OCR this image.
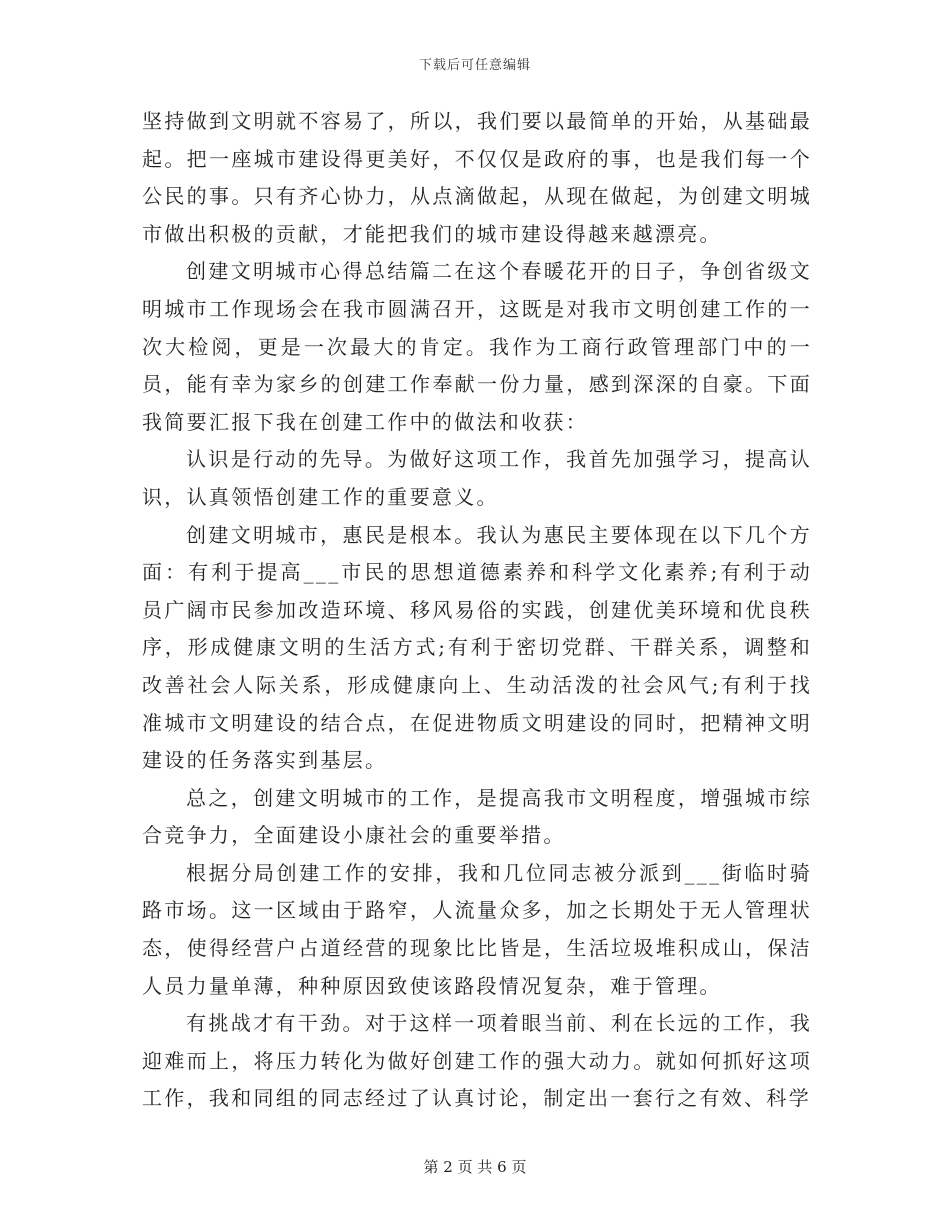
下载后可任意编辑

坚持做到文明就不容易了，所以，我们要以最简单的开始，从基础最起。把一座城市建设得更美好，不仅仅是政府的事，也是我们每一个公民的事。只有齐心协力，从点滴做起，从现在做起，为创建文明城市做出积极的贡献，才能把我们的城市建设得越来越漂亮。

创建文明城市心得总结篇二在这个春暖花开的日子，争创省级文明城市工作现场会在我市圆满召开，这既是对我市文明创建工作的一次大检阅，更是一次最大的肯定。我作为工商行政管理部门中的一员，能有幸为家乡的创建工作奉献一份力量，感到深深的自豪。下面我简要汇报下我在创建工作中的做法和收获：

认识是行动的先导。为做好这项工作，我首先加强学习，提高认识，认真领悟创建工作的重要意义。

创建文明城市，惠民是根本。我认为惠民主要体现在以下几个方面：有利于提高___市民的思想道德素养和科学文化素养;有利于动员广阔市民参加改造环境、移风易俗的实践，创建优美环境和优良秩序，形成健康文明的生活方式;有利于密切党群、干群关系，调整和改善社会人际关系，形成健康向上、生动活泼的社会风气;有利于找准城市文明建设的结合点，在促进物质文明建设的同时，把精神文明建设的任务落实到基层。

总之，创建文明城市的工作，是提高我市文明程度，增强城市综合竞争力，全面建设小康社会的重要举措。

根据分局创建工作的安排，我和几位同志被分派到___街临时骑路市场。这一区域由于路窄，人流量众多，加之长期处于无人管理状态，使得经营户占道经营的现象比比皆是，生活垃圾堆积成山，保洁人员力量单薄，种种原因致使该路段情况复杂，难于管理。

有挑战才有干劲。对于这样一项着眼当前、利在长远的工作，我迎难而上，将压力转化为做好创建工作的强大动力。就如何抓好这项工作，我和同组的同志经过了认真讨论，制定出一套行之有效、科学

第 2 页 共 6 页
